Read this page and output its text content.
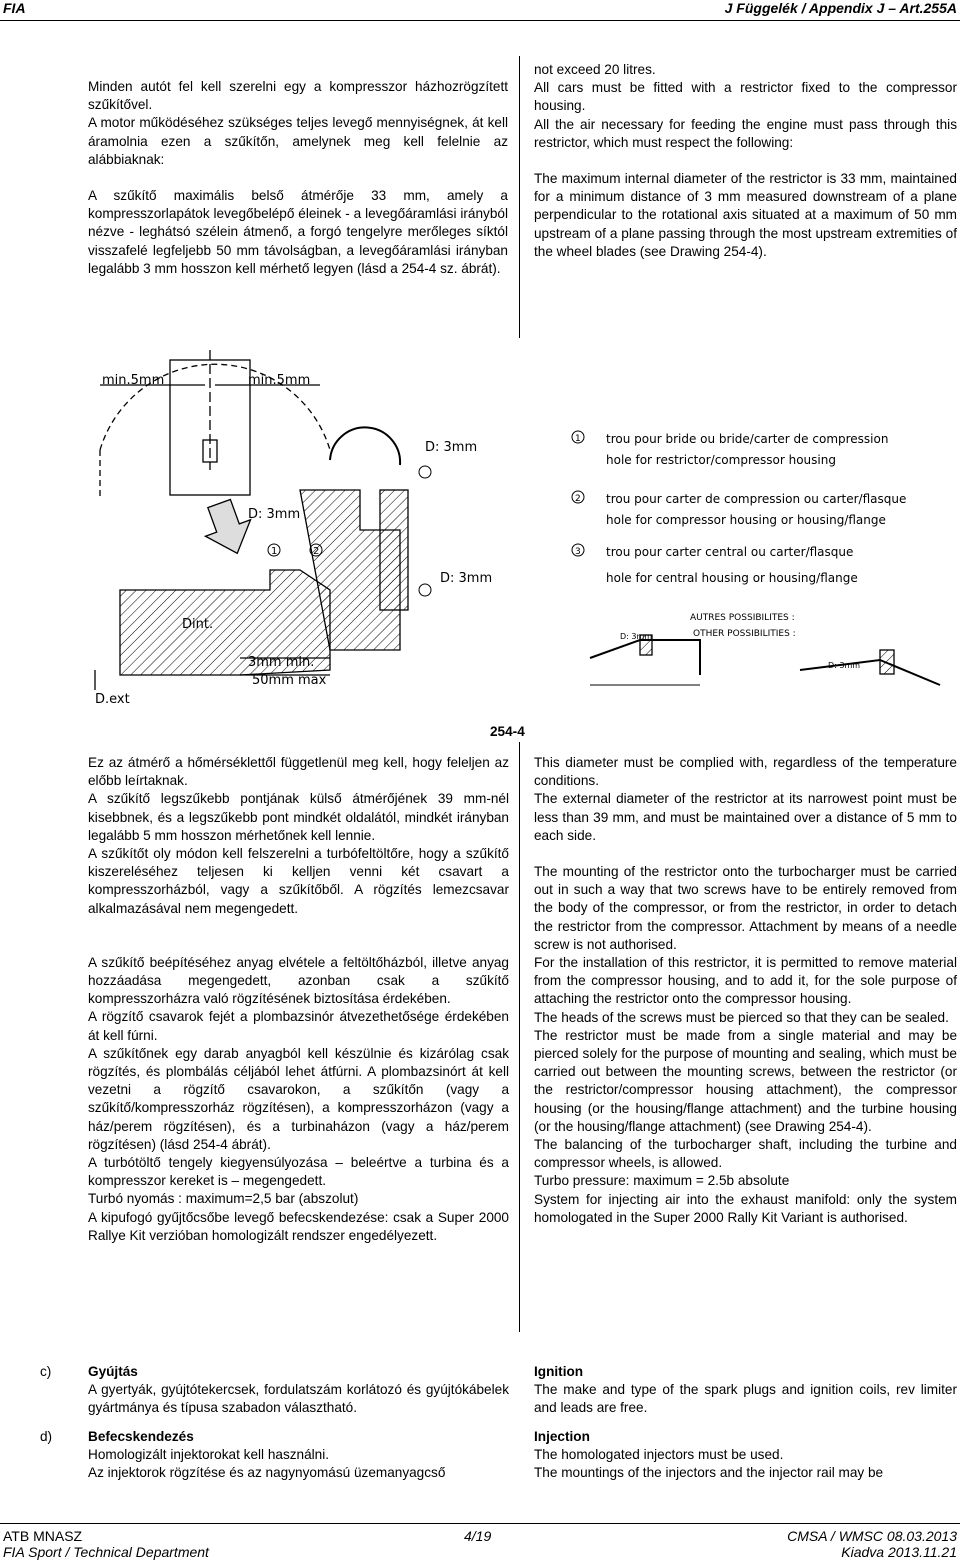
FIA	J Függelék / Appendix J – Art.255A

Minden autót fel kell szerelni egy a kompresszor házhozrögzített szűkítővel.

A motor működéséhez szükséges teljes levegő mennyiségnek, át kell áramolnia ezen a szűkítőn, amelynek meg kell felelnie az alábbiaknak:

A szűkítő maximális belső átmérője 33 mm, amely a kompresszorlapátok levegőbelépő éleinek - a levegőáramlási irányból nézve - leghátsó szélein átmenő, a forgó tengelyre merőleges síktól visszafelé legfeljebb 50 mm távolságban, a levegőáramlási irányban legalább 3 mm hosszon kell mérhető legyen (lásd a 254-4 sz. ábrát).

not exceed 20 litres.

All cars must be fitted with a restrictor fixed to the compressor housing.

All the air necessary for feeding the engine must pass through this restrictor, which must respect the following:

The maximum internal diameter of the restrictor is 33 mm, maintained for a minimum distance of 3 mm measured downstream of a plane perpendicular to the rotational axis situated at a maximum of 50 mm upstream of a plane passing through the most upstream extremities of the wheel blades (see Drawing 254-4).

min.5mm	min.5mm
D: 3mm
D: 3mm
D: 3mm
Dint.
3mm min.
50mm max
D.ext
D: 3mm
D: 3mm
AUTRES POSSIBILITES :
OTHER POSSIBILITIES :
1	2
1 trou pour bride ou bride/carter de compression
hole for restrictor/compressor housing
2 trou pour carter de compression ou carter/flasque
hole for compressor housing or housing/flange
3 trou pour carter central ou carter/flasque
hole for central housing or housing/flange
254-4

Ez az átmérő a hőmérséklettől függetlenül meg kell, hogy feleljen az előbb leírtaknak.

A szűkítő legszűkebb pontjának külső átmérőjének 39 mm-nél kisebbnek, és a legszűkebb pont mindkét oldalától, mindkét irányban legalább 5 mm hosszon mérhetőnek kell lennie.

A szűkítőt oly módon kell felszerelni a turbófeltöltőre, hogy a szűkítő kiszereléséhez teljesen ki kelljen venni két csavart a kompresszorházból, vagy a szűkítőből. A rögzítés lemezcsavar alkalmazásával nem megengedett.

A szűkítő beépítéséhez anyag elvétele a feltöltőházból, illetve anyag hozzáadása megengedett, azonban csak a szűkítő kompresszorházra való rögzítésének biztosítása érdekében.

A rögzítő csavarok fejét a plombazsinór átvezethetősége érdekében át kell fúrni.

A szűkítőnek egy darab anyagból kell készülnie és kizárólag csak rögzítés, és plombálás céljából lehet átfúrni. A plombazsinórt át kell vezetni a rögzítő csavarokon, a szűkítőn (vagy a szűkítő/kompresszorház rögzítésen), a kompresszorházon (vagy a ház/perem rögzítésen), és a turbinaházon (vagy a ház/perem rögzítésen) (lásd 254-4 ábrát).

A turbótöltő tengely kiegyensúlyozása – beleértve a turbina és a kompresszor kereket is – megengedett.

Turbó nyomás : maximum=2,5 bar (abszolut)

A kipufogó gyűjtőcsőbe levegő befecskendezése: csak a Super 2000 Rallye Kit verzióban homologizált rendszer engedélyezett.

This diameter must be complied with, regardless of the temperature conditions.

The external diameter of the restrictor at its narrowest point must be less than 39 mm, and must be maintained over a distance of 5 mm to each side.

The mounting of the restrictor onto the turbocharger must be carried out in such a way that two screws have to be entirely removed from the body of the compressor, or from the restrictor, in order to detach the restrictor from the compressor. Attachment by means of a needle screw is not authorised.

For the installation of this restrictor, it is permitted to remove material from the compressor housing, and to add it, for the sole purpose of attaching the restrictor onto the compressor housing.

The heads of the screws must be pierced so that they can be sealed.

The restrictor must be made from a single material and may be pierced solely for the purpose of mounting and sealing, which must be carried out between the mounting screws, between the restrictor (or the restrictor/compressor housing attachment), the compressor housing (or the housing/flange attachment) and the turbine housing (or the housing/flange attachment) (see Drawing 254-4).

The balancing of the turbocharger shaft, including the turbine and compressor wheels, is allowed.

Turbo pressure: maximum = 2.5b absolute

System for injecting air into the exhaust manifold: only the system homologated in the Super 2000 Rally Kit Variant is authorised.

c)	Gyújtás

A gyertyák, gyújtótekercsek, fordulatszám korlátozó és gyújtókábelek gyártmánya és típusa szabadon választható.

Ignition

The make and type of the spark plugs and ignition coils, rev limiter and leads are free.

d)	Befecskendezés

Homologizált injektorokat kell használni.

Az injektorok rögzítése és az nagynyomású üzemanyagcső

Injection

The homologated injectors must be used.

The mountings of the injectors and the injector rail may be

ATB MNASZ
FIA Sport / Technical Department
4/19	CMSA / WMSC 08.03.2013
Kiadva 2013.11.21
